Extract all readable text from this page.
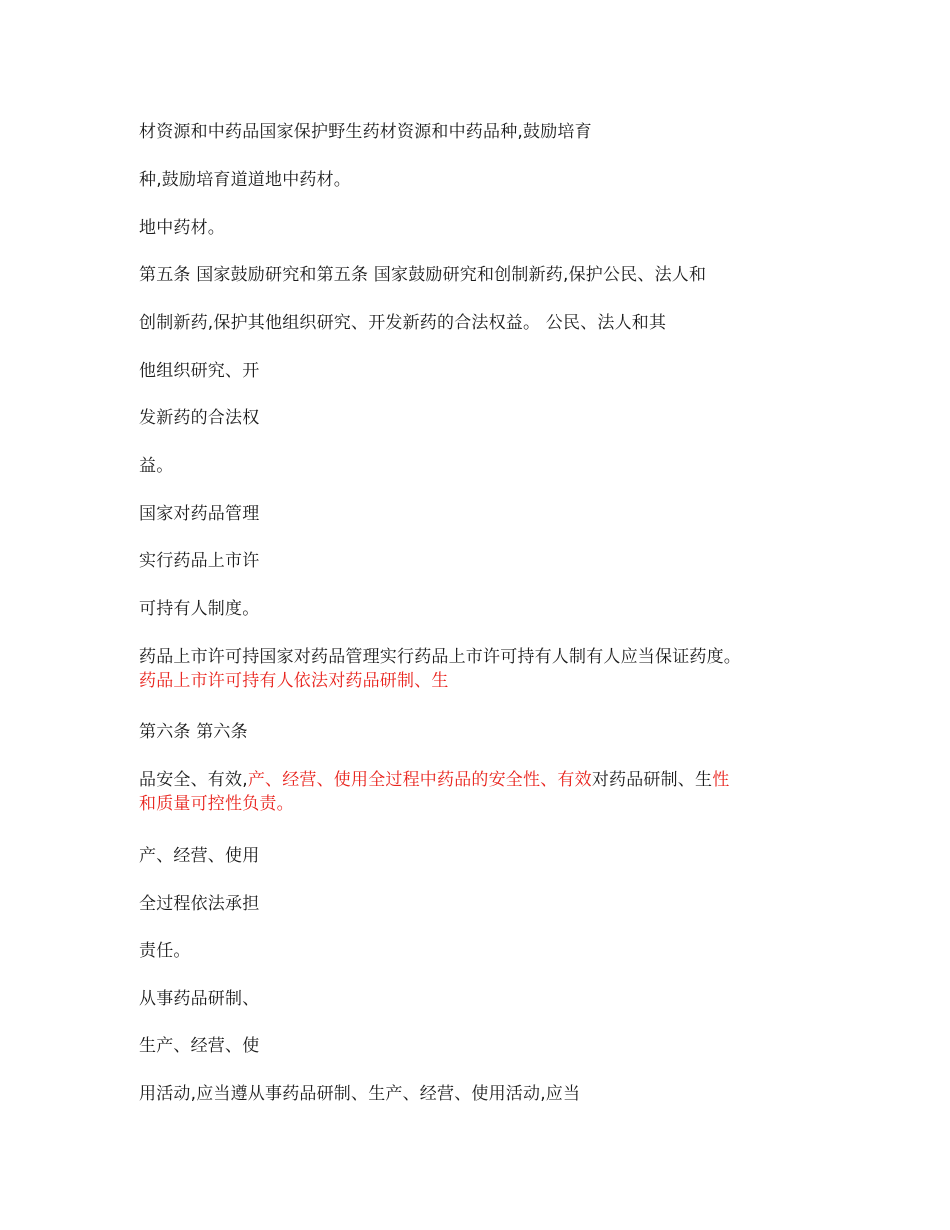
材资源和中药品国家保护野生药材资源和中药品种,鼓励培育

种,鼓励培育道道地中药材。

地中药材。

第五条 国家鼓励研究和第五条 国家鼓励研究和创制新药,保护公民、法人和

创制新药,保护其他组织研究、开发新药的合法权益。 公民、法人和其

他组织研究、开

发新药的合法权

益。

国家对药品管理

实行药品上市许

可持有人制度。

药品上市许可持国家对药品管理实行药品上市许可持有人制有人应当保证药度。
药品上市许可持有人依法对药品研制、生

第六条 第六条

品安全、有效,产、经营、使用全过程中药品的安全性、有效对药品研制、生性
和质量可控性负责。

产、经营、使用

全过程依法承担

责任。

从事药品研制、

生产、经营、使

用活动,应当遵从事药品研制、生产、经营、使用活动,应当
